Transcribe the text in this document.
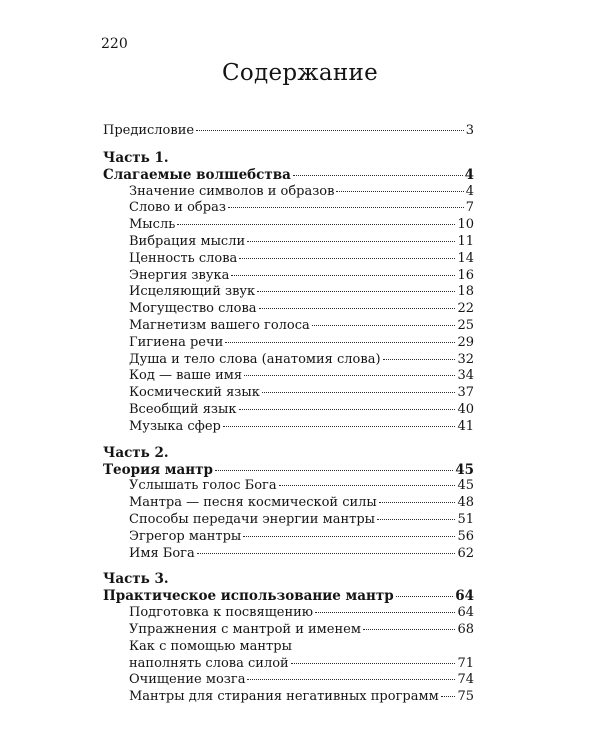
220
Содержание
Предисловие	3
Часть 1.
Слагаемые волшебства	4
Значение символов и образов	4
Слово и образ	7
Мысль	10
Вибрация мысли	11
Ценность слова	14
Энергия звука	16
Исцеляющий звук	18
Могущество слова	22
Магнетизм вашего голоса	25
Гигиена речи	29
Душа и тело слова (анатомия слова)	32
Код — ваше имя	34
Космический язык	37
Всеобщий язык	40
Музыка сфер	41
Часть 2.
Теория мантр	45
Услышать голос Бога	45
Мантра — песня космической силы	48
Способы передачи энергии мантры	51
Эгрегор мантры	56
Имя Бога	62
Часть 3.
Практическое использование мантр	64
Подготовка к посвящению	64
Упражнения с мантрой и именем	68
Как с помощью мантры
наполнять слова силой	71
Очищение мозга	74
Мантры для стирания негативных программ 75
